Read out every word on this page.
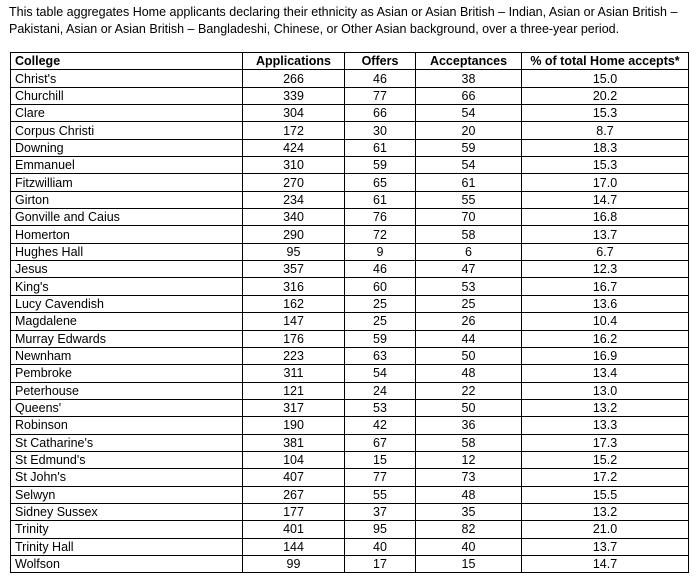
This table aggregates Home applicants declaring their ethnicity as Asian or Asian British – Indian, Asian or Asian British – Pakistani, Asian or Asian British – Bangladeshi, Chinese, or Other Asian background, over a three-year period.

College	Applications	Offers	Acceptances	% of total Home accepts*
Christ's	266	46	38	15.0
Churchill	339	77	66	20.2
Clare	304	66	54	15.3
Corpus Christi	172	30	20	8.7
Downing	424	61	59	18.3
Emmanuel	310	59	54	15.3
Fitzwilliam	270	65	61	17.0
Girton	234	61	55	14.7
Gonville and Caius	340	76	70	16.8
Homerton	290	72	58	13.7
Hughes Hall	95	9	6	6.7
Jesus	357	46	47	12.3
King's	316	60	53	16.7
Lucy Cavendish	162	25	25	13.6
Magdalene	147	25	26	10.4
Murray Edwards	176	59	44	16.2
Newnham	223	63	50	16.9
Pembroke	311	54	48	13.4
Peterhouse	121	24	22	13.0
Queens'	317	53	50	13.2
Robinson	190	42	36	13.3
St Catharine's	381	67	58	17.3
St Edmund's	104	15	12	15.2
St John's	407	77	73	17.2
Selwyn	267	55	48	15.5
Sidney Sussex	177	37	35	13.2
Trinity	401	95	82	21.0
Trinity Hall	144	40	40	13.7
Wolfson	99	17	15	14.7
